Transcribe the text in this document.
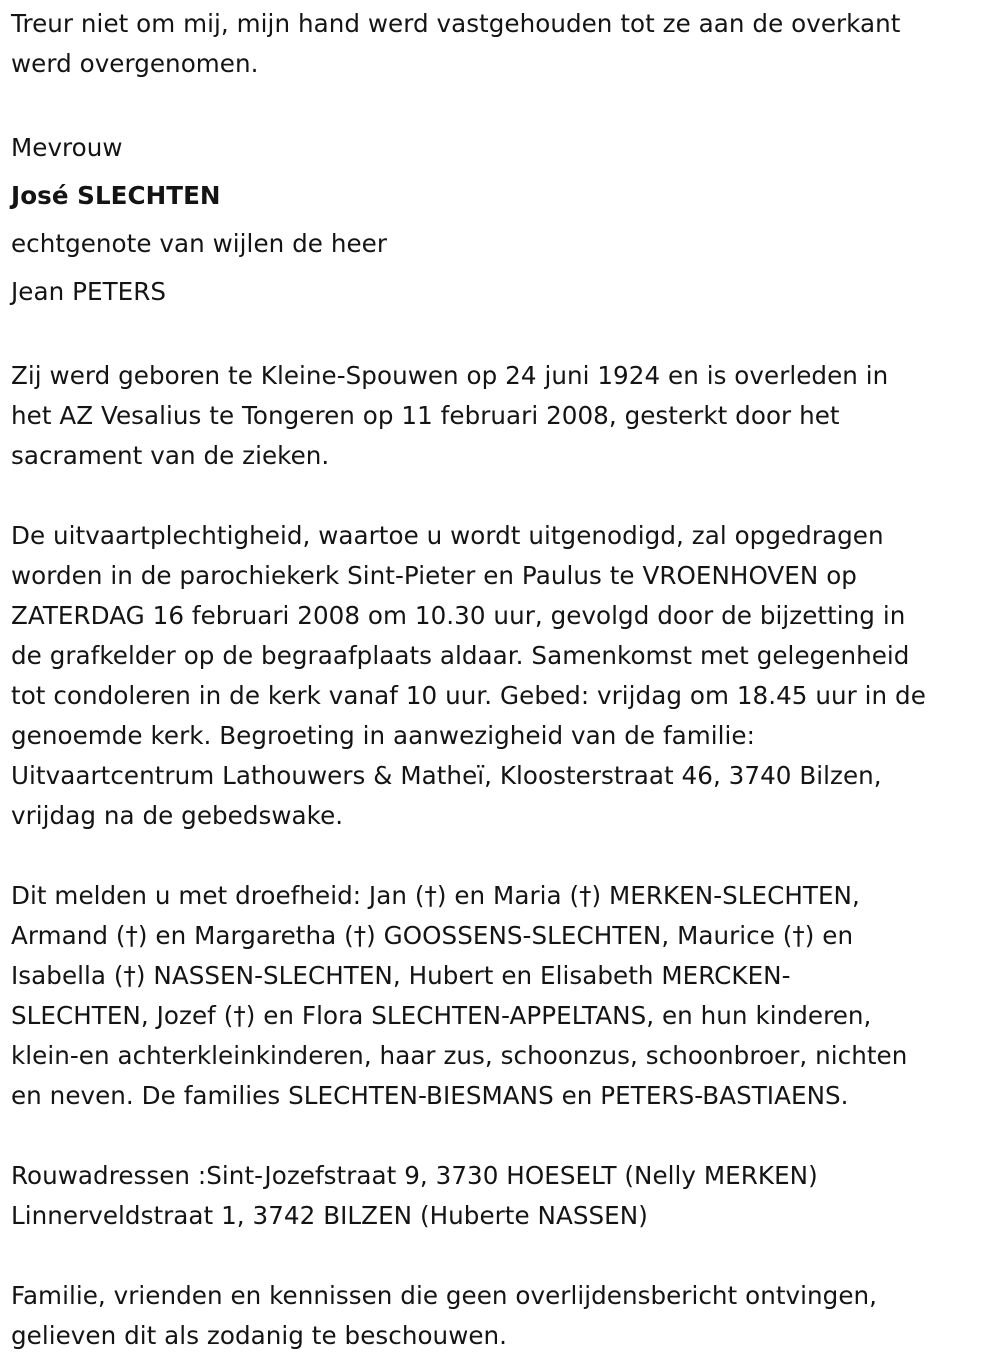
Treur niet om mij, mijn hand werd vastgehouden tot ze aan de overkant
werd overgenomen.
Mevrouw
José SLECHTEN
echtgenote van wijlen de heer
Jean PETERS
Zij werd geboren te Kleine-Spouwen op 24 juni 1924 en is overleden in
het AZ Vesalius te Tongeren op 11 februari 2008, gesterkt door het
sacrament van de zieken.
De uitvaartplechtigheid, waartoe u wordt uitgenodigd, zal opgedragen
worden in de parochiekerk Sint-Pieter en Paulus te VROENHOVEN op
ZATERDAG 16 februari 2008 om 10.30 uur, gevolgd door de bijzetting in
de grafkelder op de begraafplaats aldaar. Samenkomst met gelegenheid
tot condoleren in de kerk vanaf 10 uur. Gebed: vrijdag om 18.45 uur in de
genoemde kerk. Begroeting in aanwezigheid van de familie:
Uitvaartcentrum Lathouwers & Matheï, Kloosterstraat 46, 3740 Bilzen,
vrijdag na de gebedswake.
Dit melden u met droefheid: Jan (†) en Maria (†) MERKEN-SLECHTEN,
Armand (†) en Margaretha (†) GOOSSENS-SLECHTEN, Maurice (†) en
Isabella (†) NASSEN-SLECHTEN, Hubert en Elisabeth MERCKEN-
SLECHTEN, Jozef (†) en Flora SLECHTEN-APPELTANS, en hun kinderen,
klein-en achterkleinkinderen, haar zus, schoonzus, schoonbroer, nichten
en neven. De families SLECHTEN-BIESMANS en PETERS-BASTIAENS.
Rouwadressen :Sint-Jozefstraat 9, 3730 HOESELT (Nelly MERKEN)
Linnerveldstraat 1, 3742 BILZEN (Huberte NASSEN)
Familie, vrienden en kennissen die geen overlijdensbericht ontvingen,
gelieven dit als zodanig te beschouwen.
